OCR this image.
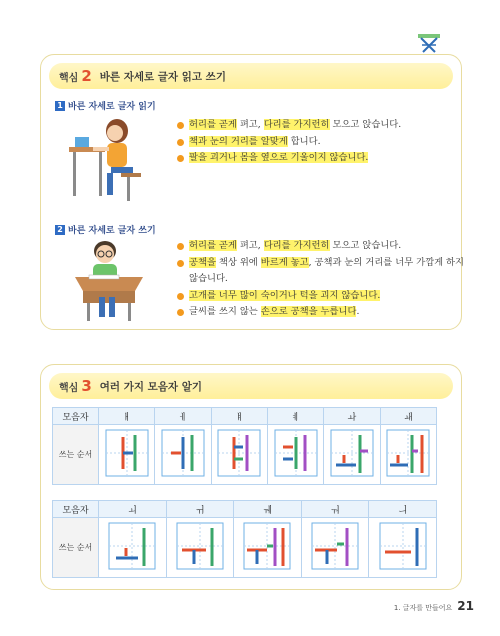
핵심 2 바른 자세로 글자 읽고 쓰기
1 바른 자세로 글자 읽기
허리를 곧게 펴고, 다리를 가지런히 모으고 앉습니다.
책과 눈의 거리를 알맞게 합니다.
팔을 괴거나 몸을 옆으로 기울이지 않습니다.
2 바른 자세로 글자 쓰기
허리를 곧게 펴고, 다리를 가지런히 모으고 앉습니다.
공책을 책상 위에 바르게 놓고, 공책과 눈의 거리를 너무 가깝게 하지 않습니다.
고개를 너무 많이 숙이거나 턱을 괴지 않습니다.
글씨를 쓰지 않는 손으로 공책을 누릅니다.
핵심 3 여러 가지 모음자 알기
모음자	ㅐ	ㅔ	ㅒ	ㅖ	ㅘ	ㅙ
쓰는 순서						
모음자	ㅚ	ㅟ	ㅞ	ㅝ	ㅢ
쓰는 순서					
1. 글자를 만들어요 21
